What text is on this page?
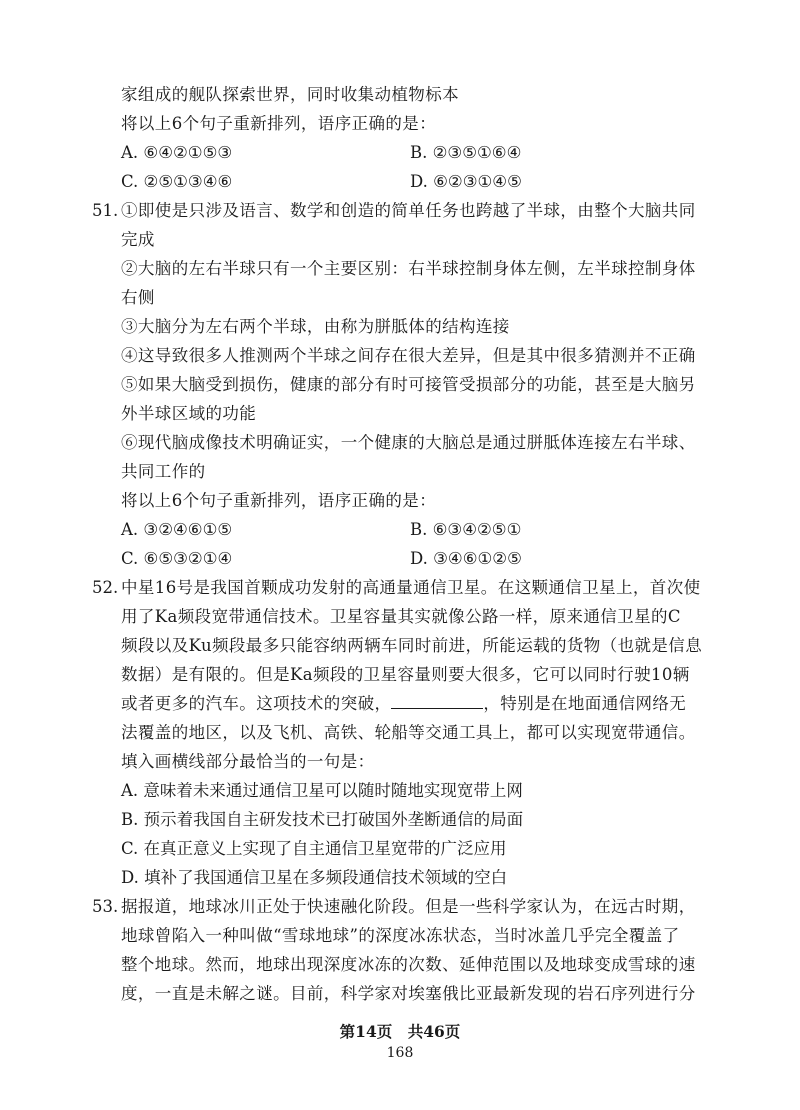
家组成的舰队探索世界，同时收集动植物标本
将以上6个句子重新排列，语序正确的是：
A. ⑥④②①⑤③	B. ②③⑤①⑥④
C. ②⑤①③④⑥	D. ⑥②③①④⑤
51. ①即使是只涉及语言、数学和创造的简单任务也跨越了半球，由整个大脑共同
完成
②大脑的左右半球只有一个主要区别：右半球控制身体左侧，左半球控制身体
右侧
③大脑分为左右两个半球，由称为胼胝体的结构连接
④这导致很多人推测两个半球之间存在很大差异，但是其中很多猜测并不正确
⑤如果大脑受到损伤，健康的部分有时可接管受损部分的功能，甚至是大脑另
外半球区域的功能
⑥现代脑成像技术明确证实，一个健康的大脑总是通过胼胝体连接左右半球、
共同工作的
将以上6个句子重新排列，语序正确的是：
A. ③②④⑥①⑤	B. ⑥③④②⑤①
C. ⑥⑤③②①④	D. ③④⑥①②⑤
52. 中星16号是我国首颗成功发射的高通量通信卫星。在这颗通信卫星上，首次使
用了Ka频段宽带通信技术。卫星容量其实就像公路一样，原来通信卫星的C
频段以及Ku频段最多只能容纳两辆车同时前进，所能运载的货物（也就是信息
数据）是有限的。但是Ka频段的卫星容量则要大很多，它可以同时行驶10辆
或者更多的汽车。这项技术的突破，	，特别是在地面通信网络无
法覆盖的地区，以及飞机、高铁、轮船等交通工具上，都可以实现宽带通信。
填入画横线部分最恰当的一句是：
A. 意味着未来通过通信卫星可以随时随地实现宽带上网
B. 预示着我国自主研发技术已打破国外垄断通信的局面
C. 在真正意义上实现了自主通信卫星宽带的广泛应用
D. 填补了我国通信卫星在多频段通信技术领域的空白
53. 据报道，地球冰川正处于快速融化阶段。但是一些科学家认为，在远古时期，
地球曾陷入一种叫做“雪球地球”的深度冰冻状态，当时冰盖几乎完全覆盖了
整个地球。然而，地球出现深度冰冻的次数、延伸范围以及地球变成雪球的速
度，一直是未解之谜。目前，科学家对埃塞俄比亚最新发现的岩石序列进行分
第14页　共46页
168
